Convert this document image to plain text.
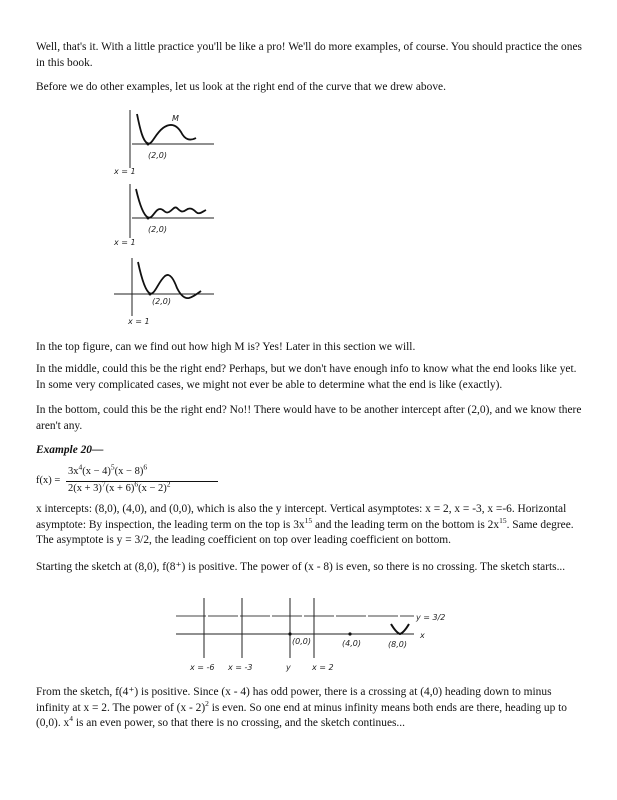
Well, that's it. With a little practice you'll be like a pro! We'll do more examples, of course. You should practice the ones in this book.

Before we do other examples, let us look at the right end of the curve that we drew above.

M
(2,0)
x = 1
(2,0)
x = 1
(2,0)
x = 1

In the top figure, can we find out how high M is? Yes! Later in this section we will.

In the middle, could this be the right end? Perhaps, but we don't have enough info to know what the end looks like yet. In some very complicated cases, we might not ever be able to determine what the end is like (exactly).

In the bottom, could this be the right end? No!! There would have to be another intercept after (2,0), and we know there aren't any.

Example 20—

f(x) =
$3x^4(x - 4)^5(x - 8)^6$
$2(x + 3)^7(x + 6)^6(x - 2)^2$

x intercepts: (8,0), (4,0), and (0,0), which is also the y intercept. Vertical asymptotes: x = 2, x = -3, x =-6. Horizontal asymptote: By inspection, the leading term on the top is $3x^{15}$ and the leading term on the bottom is $2x^{15}$. Same degree. The asymptote is y = 3/2, the leading coefficient on top over leading coefficient on bottom.

Starting the sketch at (8,0), f(8⁺) is positive. The power of (x - 8) is even, so there is no crossing. The sketch starts...

(0,0)	(4,0)	(8,0)
y = 3/2
x
x = -6 x = -3	y	x = 2

From the sketch, f(4⁺) is positive. Since (x - 4) has odd power, there is a crossing at (4,0) heading down to minus infinity at x = 2. The power of (x - 2)$^2$ is even. So one end at minus infinity means both ends are there, heading up to (0,0). $x^4$ is an even power, so that there is no crossing, and the sketch continues...
